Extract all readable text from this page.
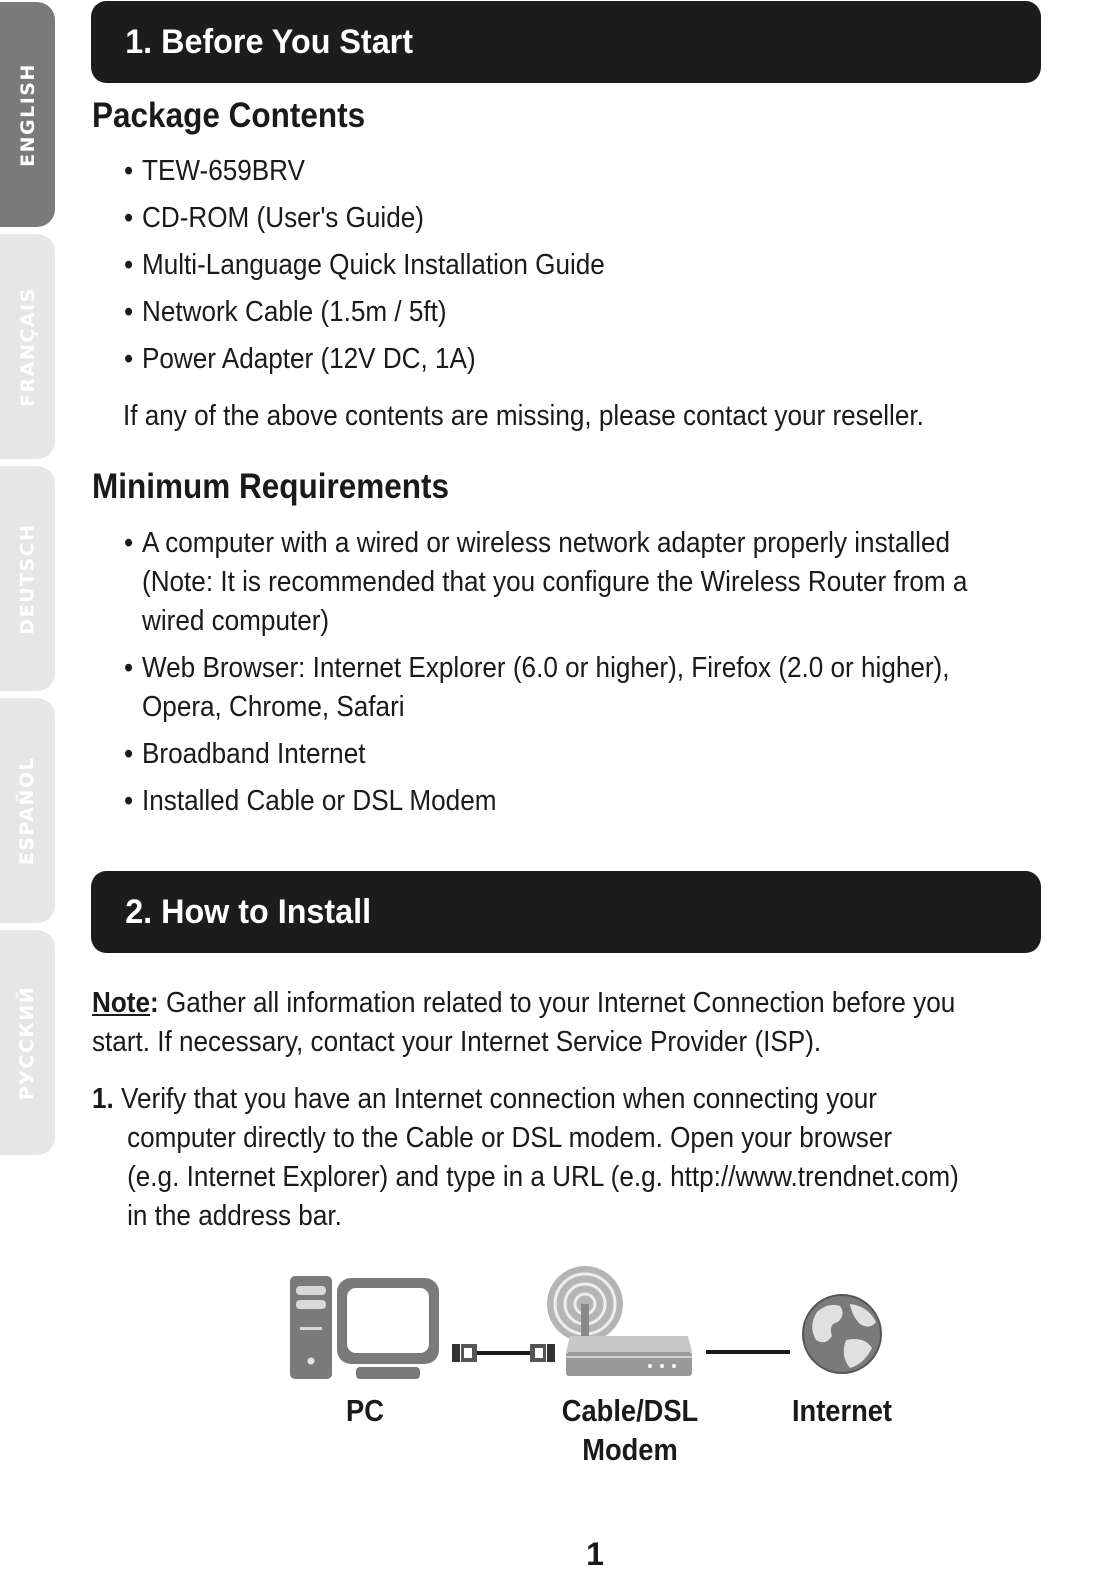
ENGLISH
FRANÇAIS
DEUTSCH
ESPAÑOL
РУССКИЙ
1. Before You Start
Package Contents
• TEW-659BRV
• CD-ROM (User's Guide)
• Multi-Language Quick Installation Guide
• Network Cable (1.5m / 5ft)
• Power Adapter (12V DC, 1A)
If any of the above contents are missing, please contact your reseller.
Minimum Requirements
• A computer with a wired or wireless network adapter properly installed
(Note: It is recommended that you configure the Wireless Router from a
wired computer)
• Web Browser: Internet Explorer (6.0 or higher), Firefox (2.0 or higher),
Opera, Chrome, Safari
• Broadband Internet
• Installed Cable or DSL Modem
2. How to Install
Note: Gather all information related to your Internet Connection before you
start. If necessary, contact your Internet Service Provider (ISP).
1. Verify that you have an Internet connection when connecting your
computer directly to the Cable or DSL modem. Open your browser
(e.g. Internet Explorer) and type in a URL (e.g. http://www.trendnet.com)
in the address bar.
PC	Cable/DSL
Modem
Internet
1
